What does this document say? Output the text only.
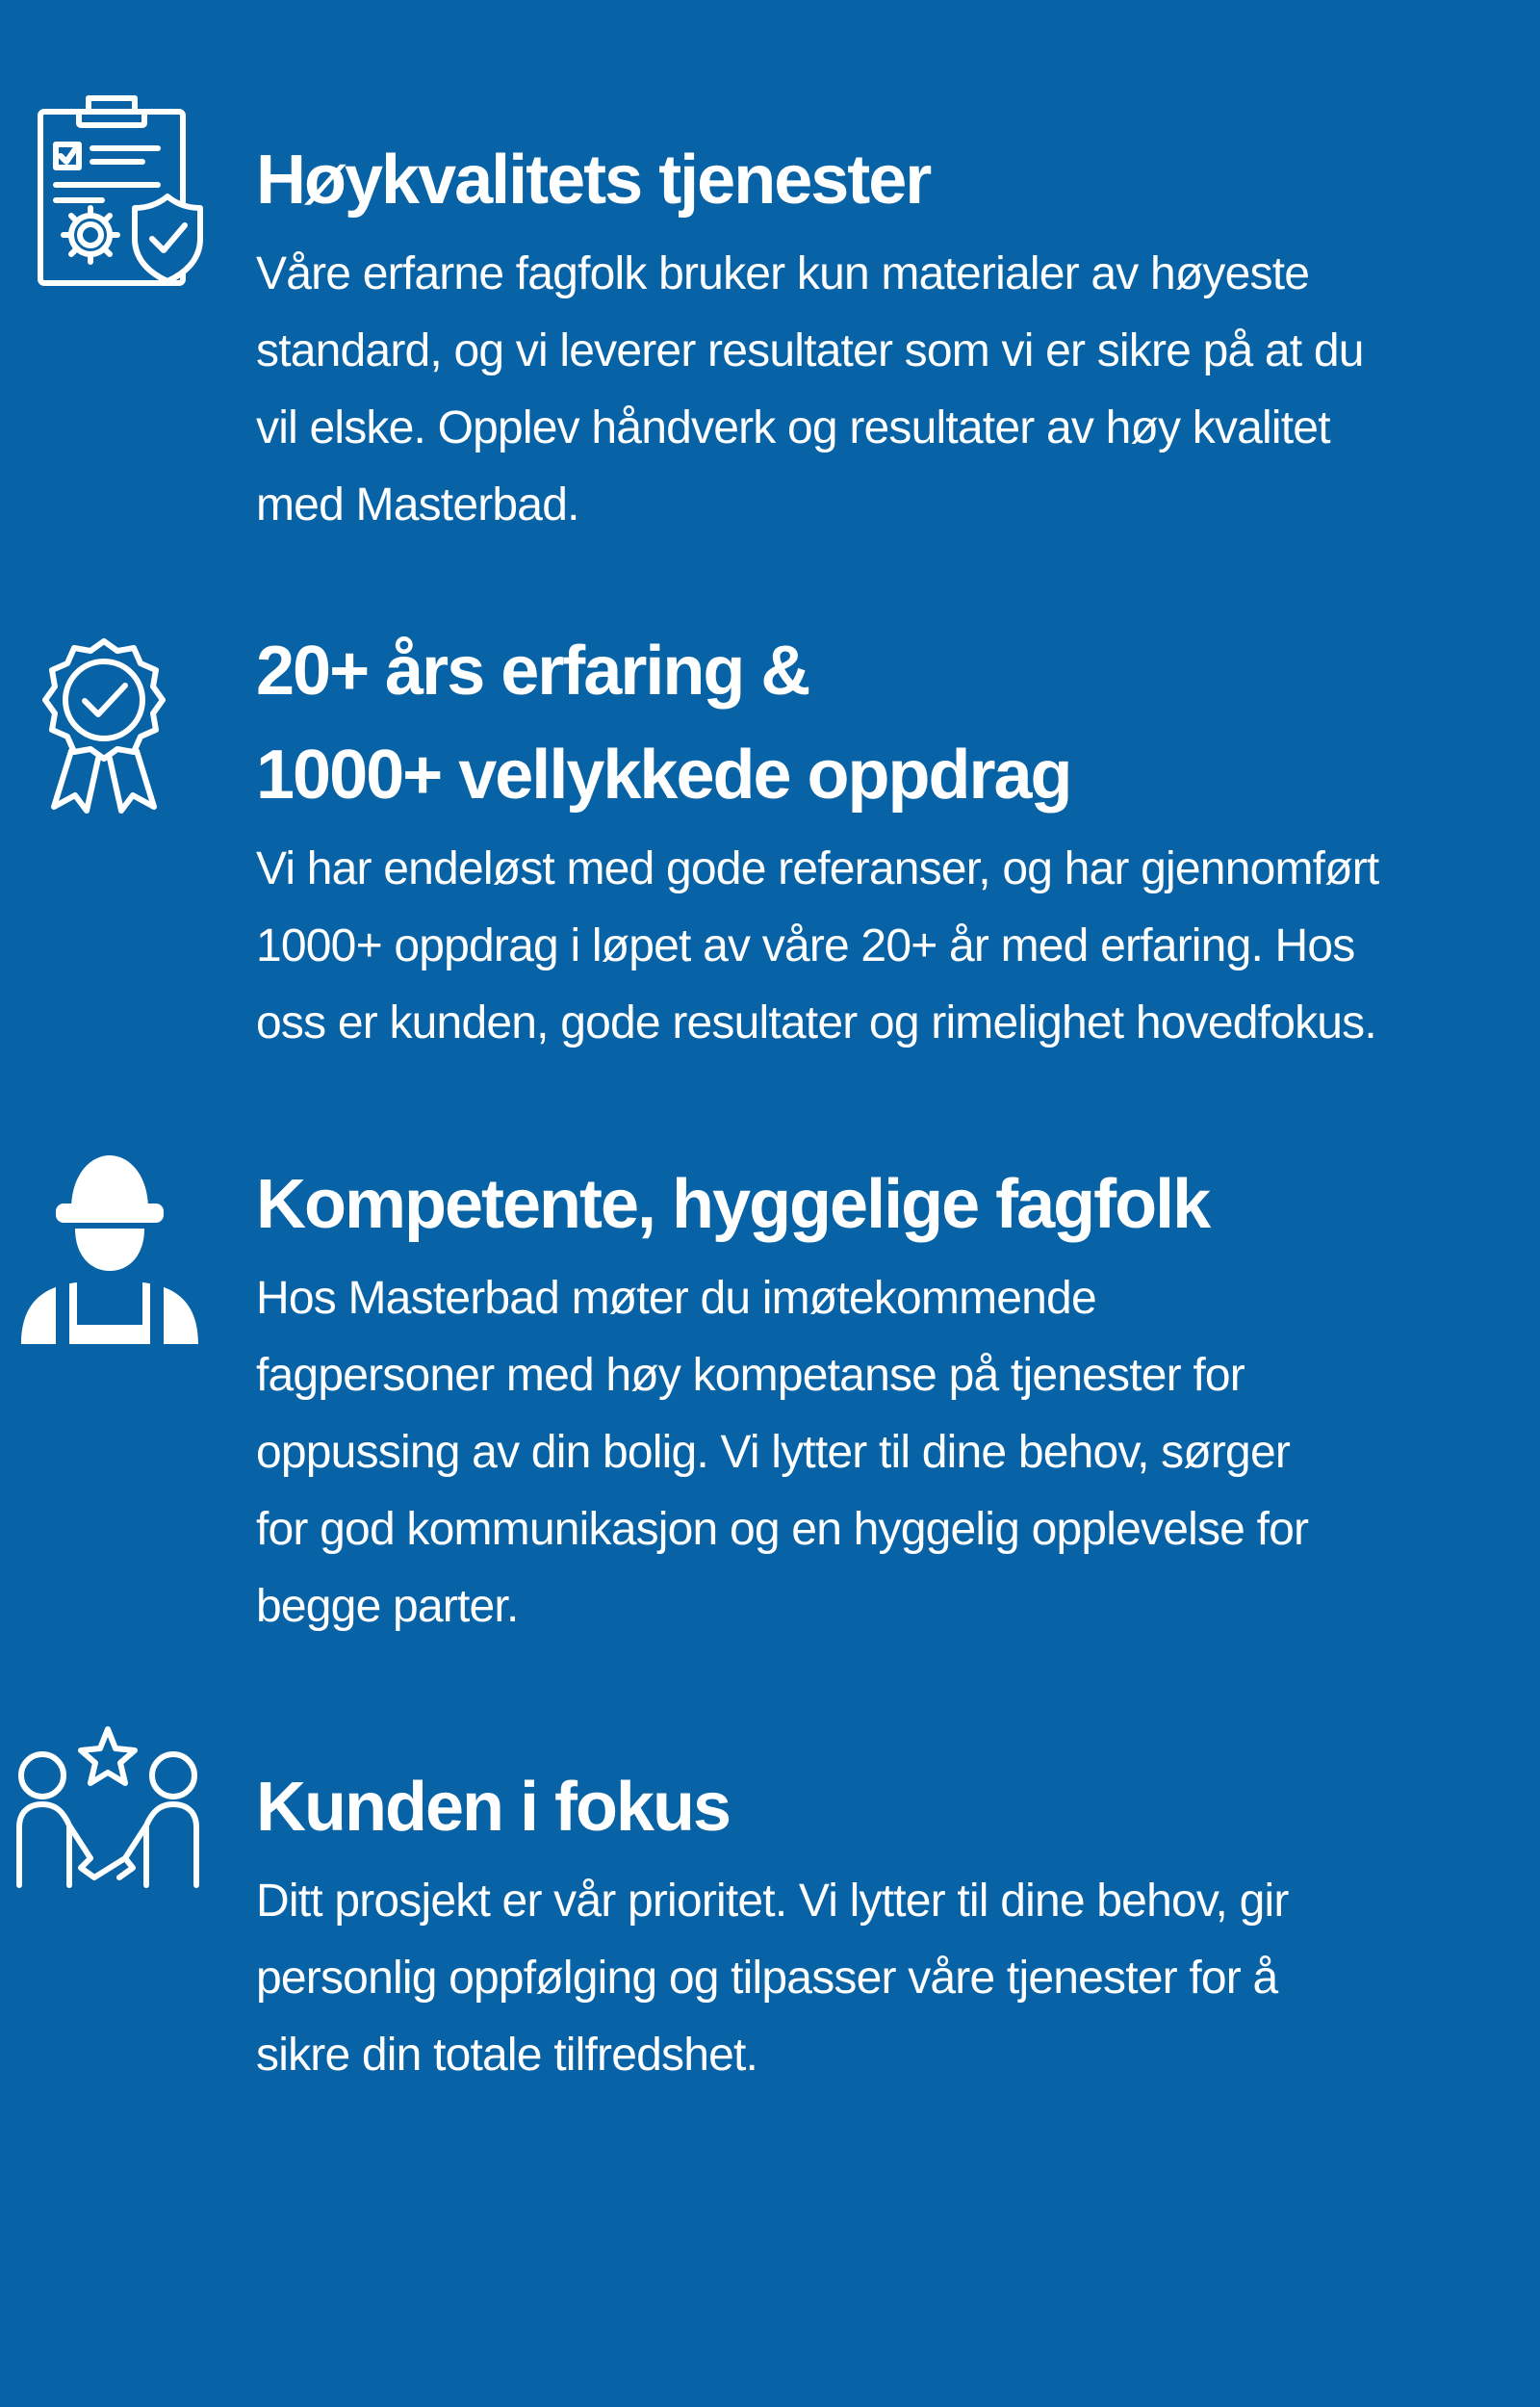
Høykvalitets tjenester

Våre erfarne fagfolk bruker kun materialer av høyeste
standard, og vi leverer resultater som vi er sikre på at du
vil elske. Opplev håndverk og resultater av høy kvalitet
med Masterbad.

20+ års erfaring &
1000+ vellykkede oppdrag

Vi har endeløst med gode referanser, og har gjennomført
1000+ oppdrag i løpet av våre 20+ år med erfaring. Hos
oss er kunden, gode resultater og rimelighet hovedfokus.

Kompetente, hyggelige fagfolk

Hos Masterbad møter du imøtekommende
fagpersoner med høy kompetanse på tjenester for
oppussing av din bolig. Vi lytter til dine behov, sørger
for god kommunikasjon og en hyggelig opplevelse for
begge parter.

Kunden i fokus

Ditt prosjekt er vår prioritet. Vi lytter til dine behov, gir
personlig oppfølging og tilpasser våre tjenester for å
sikre din totale tilfredshet.
